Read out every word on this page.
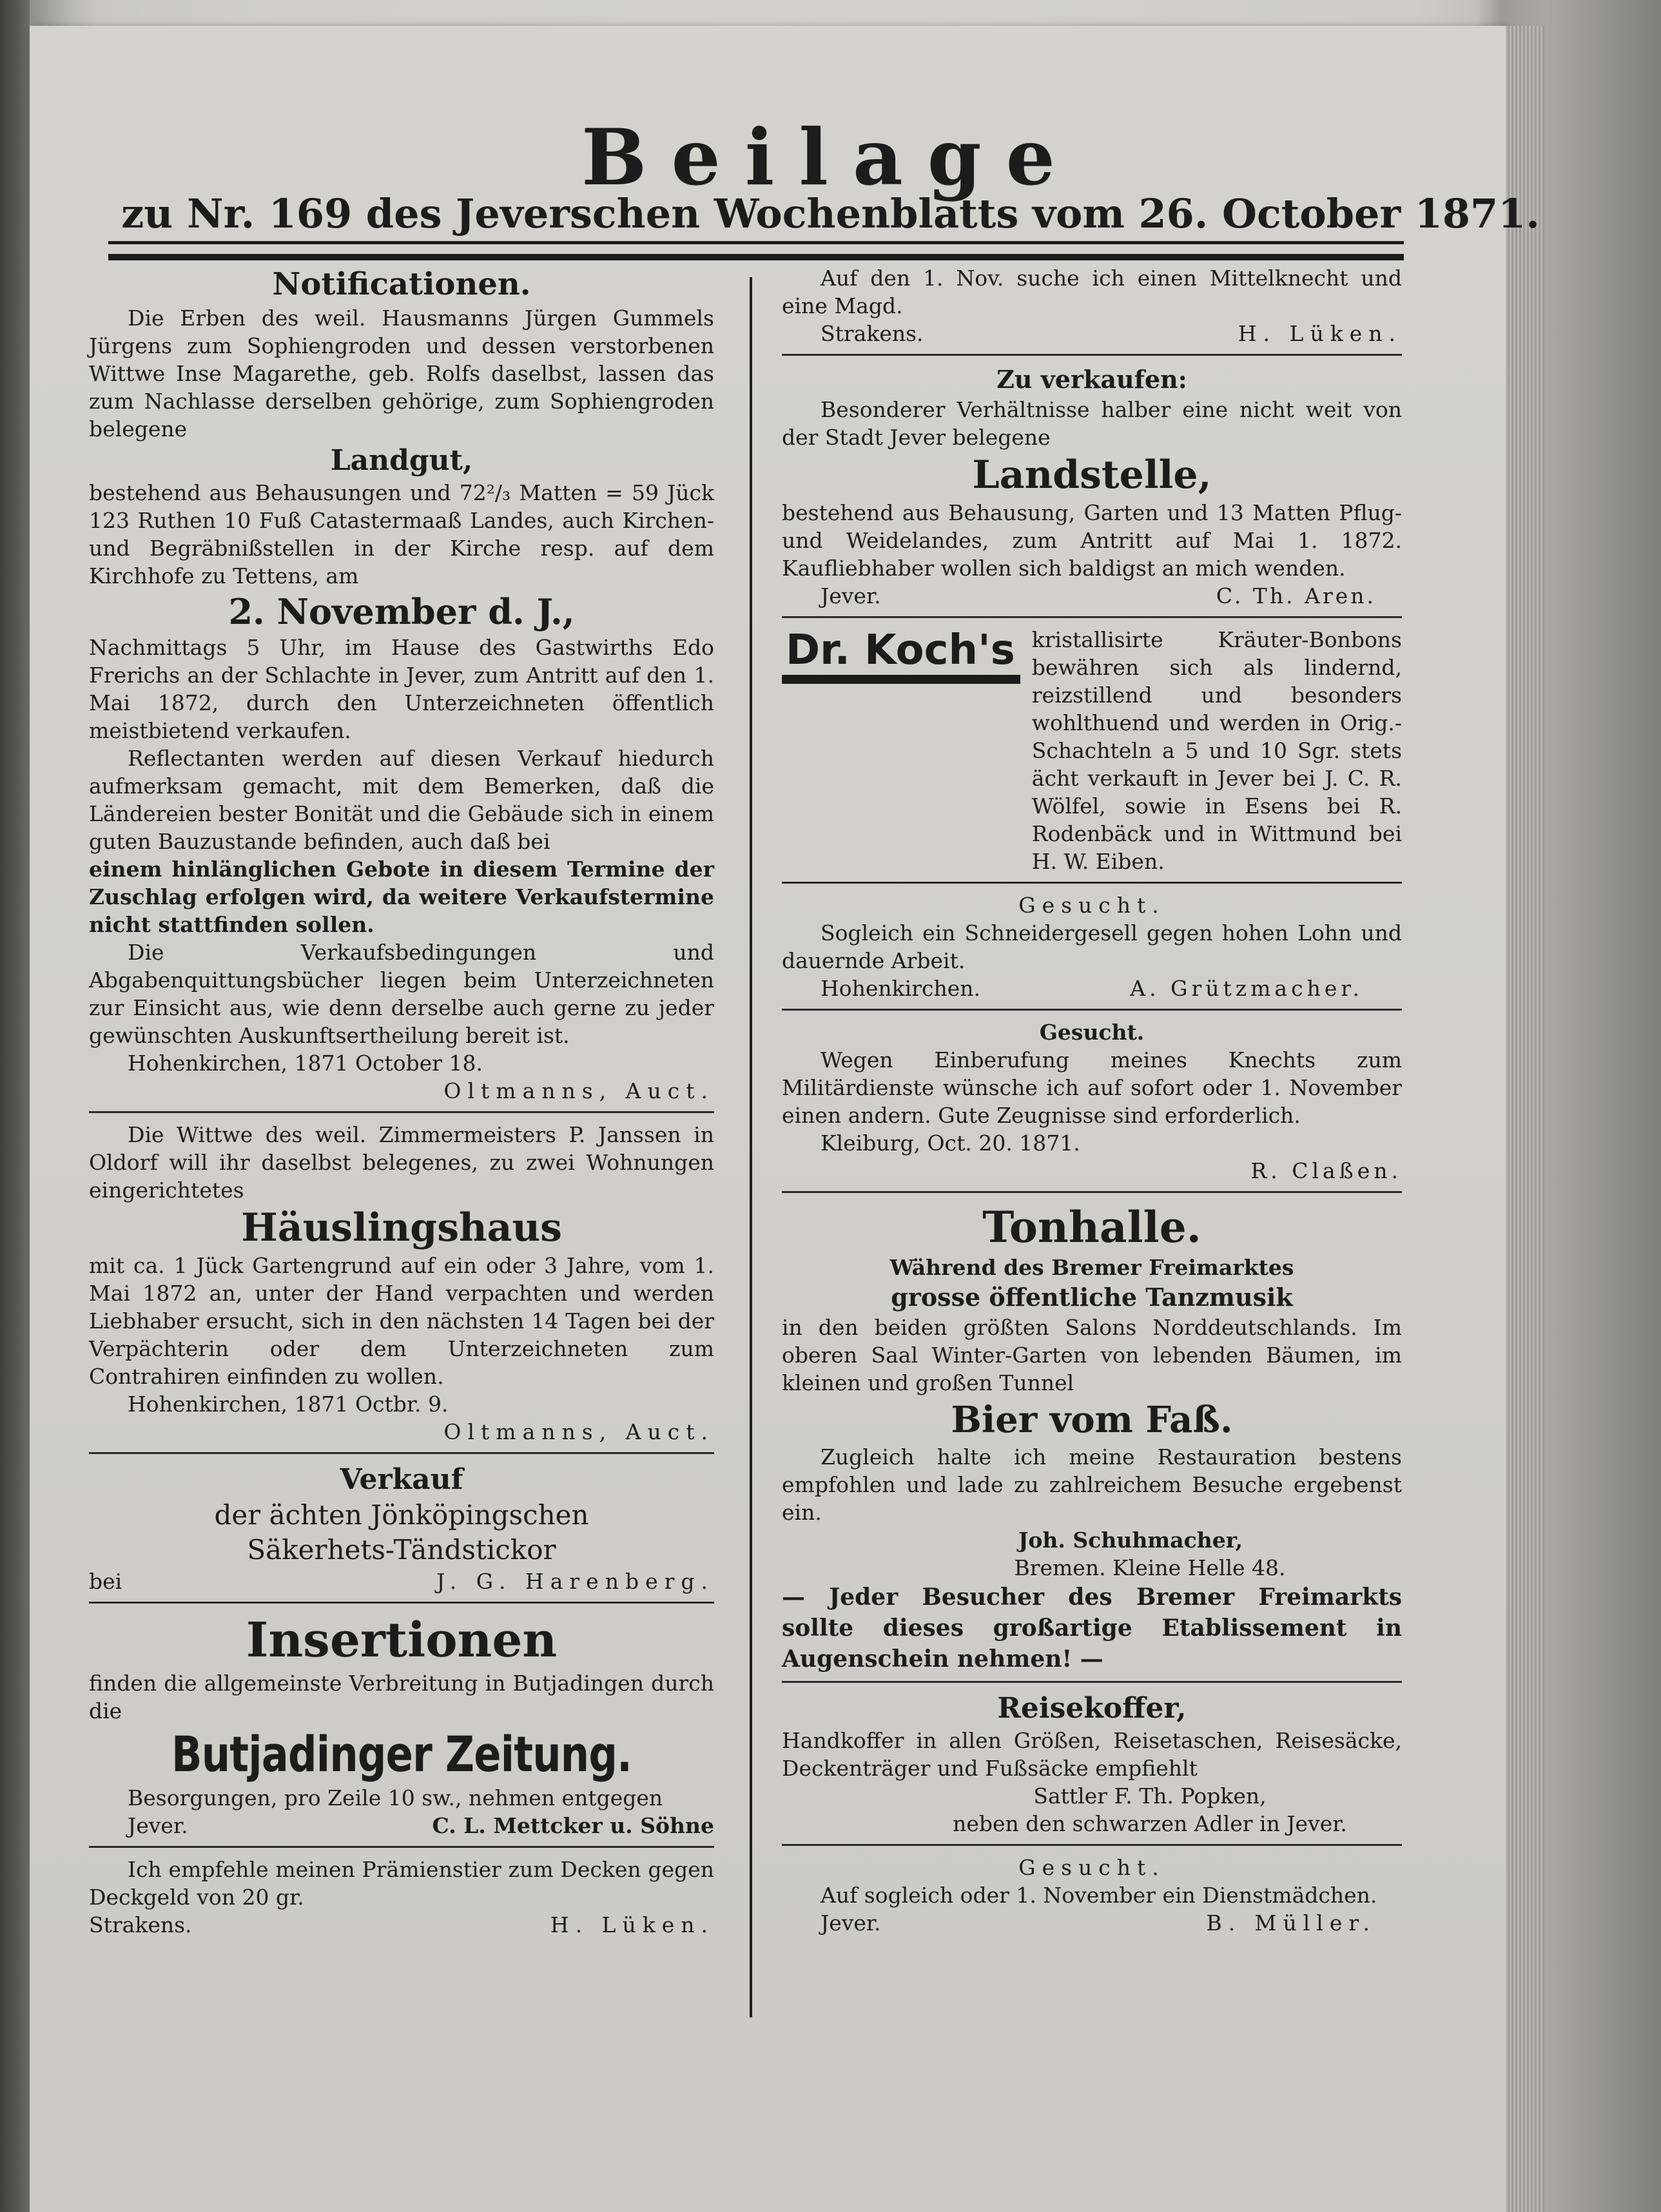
Beilage
zu Nr. 169 des Jeverschen Wochenblatts vom 26. October 1871.

Notificationen.

Die Erben des weil. Hausmanns Jürgen Gummels Jürgens zum Sophiengroden und dessen verstorbenen Wittwe Inse Magarethe, geb. Rolfs daselbst, lassen das zum Nachlasse derselben gehörige, zum Sophiengroden belegene

Landgut,

bestehend aus Behausungen und 72²/₃ Matten = 59 Jück 123 Ruthen 10 Fuß Catastermaaß Landes, auch Kirchen- und Begräbnißstellen in der Kirche resp. auf dem Kirchhofe zu Tettens, am

2. November d. J.,

Nachmittags 5 Uhr, im Hause des Gastwirths Edo Frerichs an der Schlachte in Jever, zum Antritt auf den 1. Mai 1872, durch den Unterzeichneten öffentlich meistbietend verkaufen.

Reflectanten werden auf diesen Verkauf hiedurch aufmerksam gemacht, mit dem Bemerken, daß die Ländereien bester Bonität und die Gebäude sich in einem guten Bauzustande befinden, auch daß bei

einem hinlänglichen Gebote in diesem Termine der Zuschlag erfolgen wird, da weitere Verkaufstermine nicht stattfinden sollen.

Die Verkaufsbedingungen und Abgabenquittungsbücher liegen beim Unterzeichneten zur Einsicht aus, wie denn derselbe auch gerne zu jeder gewünschten Auskunftsertheilung bereit ist.

Hohenkirchen, 1871 October 18.

Oltmanns, Auct.

Die Wittwe des weil. Zimmermeisters P. Janssen in Oldorf will ihr daselbst belegenes, zu zwei Wohnungen eingerichtetes

Häuslingshaus

mit ca. 1 Jück Gartengrund auf ein oder 3 Jahre, vom 1. Mai 1872 an, unter der Hand verpachten und werden Liebhaber ersucht, sich in den nächsten 14 Tagen bei der Verpächterin oder dem Unterzeichneten zum Contrahiren einfinden zu wollen.

Hohenkirchen, 1871 Octbr. 9.

Oltmanns, Auct.

Verkauf

der ächten Jönköpingschen

Säkerhets-Tändstickor

bei	J. G. Harenberg.

Insertionen

finden die allgemeinste Verbreitung in Butjadingen durch die

Butjadinger Zeitung.

Besorgungen, pro Zeile 10 sw., nehmen entgegen

Jever.	C. L. Mettcker u. Söhne

Ich empfehle meinen Prämienstier zum Decken gegen Deckgeld von 20 gr.

Strakens.	H. Lüken.

Auf den 1. Nov. suche ich einen Mittelknecht und eine Magd.

Strakens.	H. Lüken.

Zu verkaufen:

Besonderer Verhältnisse halber eine nicht weit von der Stadt Jever belegene

Landstelle,

bestehend aus Behausung, Garten und 13 Matten Pflug- und Weidelandes, zum Antritt auf Mai 1. 1872. Kaufliebhaber wollen sich baldigst an mich wenden.

Jever.	C. Th. Aren.
Dr. Koch's kristallisirte Kräuter-Bonbons bewähren sich als lindernd, reizstillend und besonders wohlthuend und werden in Orig.-Schachteln a 5 und 10 Sgr. stets ächt verkauft in Jever bei J. C. R. Wölfel, sowie in Esens bei R. Rodenbäck und in Wittmund bei H. W. Eiben.

Gesucht.

Sogleich ein Schneidergesell gegen hohen Lohn und dauernde Arbeit.

Hohenkirchen.	A. Grützmacher.

Gesucht.

Wegen Einberufung meines Knechts zum Militärdienste wünsche ich auf sofort oder 1. November einen andern. Gute Zeugnisse sind erforderlich.

Kleiburg, Oct. 20. 1871.

R. Claßen.

Tonhalle.

Während des Bremer Freimarktes

grosse öffentliche Tanzmusik

in den beiden größten Salons Norddeutschlands. Im oberen Saal Winter-Garten von lebenden Bäumen, im kleinen und großen Tunnel

Bier vom Faß.

Zugleich halte ich meine Restauration bestens empfohlen und lade zu zahlreichem Besuche ergebenst ein.

Joh. Schuhmacher,

Bremen. Kleine Helle 48.

— Jeder Besucher des Bremer Freimarkts sollte dieses großartige Etablissement in Augenschein nehmen! —

Reisekoffer,

Handkoffer in allen Größen, Reisetaschen, Reisesäcke, Deckenträger und Fußsäcke empfiehlt

Sattler F. Th. Popken,

neben den schwarzen Adler in Jever.

Gesucht.

Auf sogleich oder 1. November ein Dienstmädchen.

Jever.	B. Müller.
